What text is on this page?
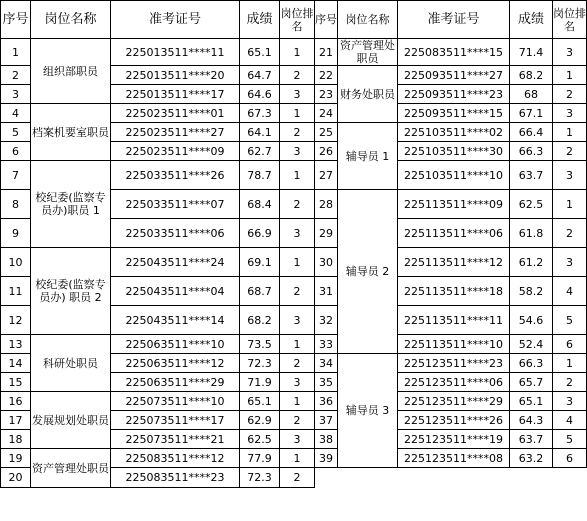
序号	岗位名称	准考证号	成绩	岗位排名	序号	岗位名称	准考证号	成绩	岗位排名
1	组织部职员	225013511****11	65.1	1	21	资产管理处职员	225083511****15	71.4	3
2		225013511****20	64.7	2	22	财务处职员	225093511****27	68.2	1
3		225013511****17	64.6	3	23		225093511****23	68	2
4	档案机要室职员	225023511****01	67.3	1	24		225093511****15	67.1	3
5		225023511****27	64.1	2	25	辅导员 1	225103511****02	66.4	1
6		225023511****09	62.7	3	26		225103511****30	66.3	2
7	校纪委(监察专员办)职员 1	225033511****26	78.7	1	27		225103511****10	63.7	3
8		225033511****07	68.4	2	28	辅导员 2	225113511****09	62.5	1
9		225033511****06	66.9	3	29		225113511****06	61.8	2
10	校纪委(监察专员办) 职员 2	225043511****24	69.1	1	30		225113511****12	61.2	3
11		225043511****04	68.7	2	31		225113511****18	58.2	4
12		225043511****14	68.2	3	32		225113511****11	54.6	5
13	科研处职员	225063511****10	73.5	1	33		225113511****10	52.4	6
14		225063511****12	72.3	2	34	辅导员 3	225123511****23	66.3	1
15		225063511****29	71.9	3	35		225123511****06	65.7	2
16	发展规划处职员	225073511****10	65.1	1	36		225123511****29	65.1	3
17		225073511****17	62.9	2	37		225123511****26	64.3	4
18		225073511****21	62.5	3	38		225123511****19	63.7	5
19	资产管理处职员	225083511****12	77.9	1	39		225123511****08	63.2	6
20		225083511****23	72.3	2					
